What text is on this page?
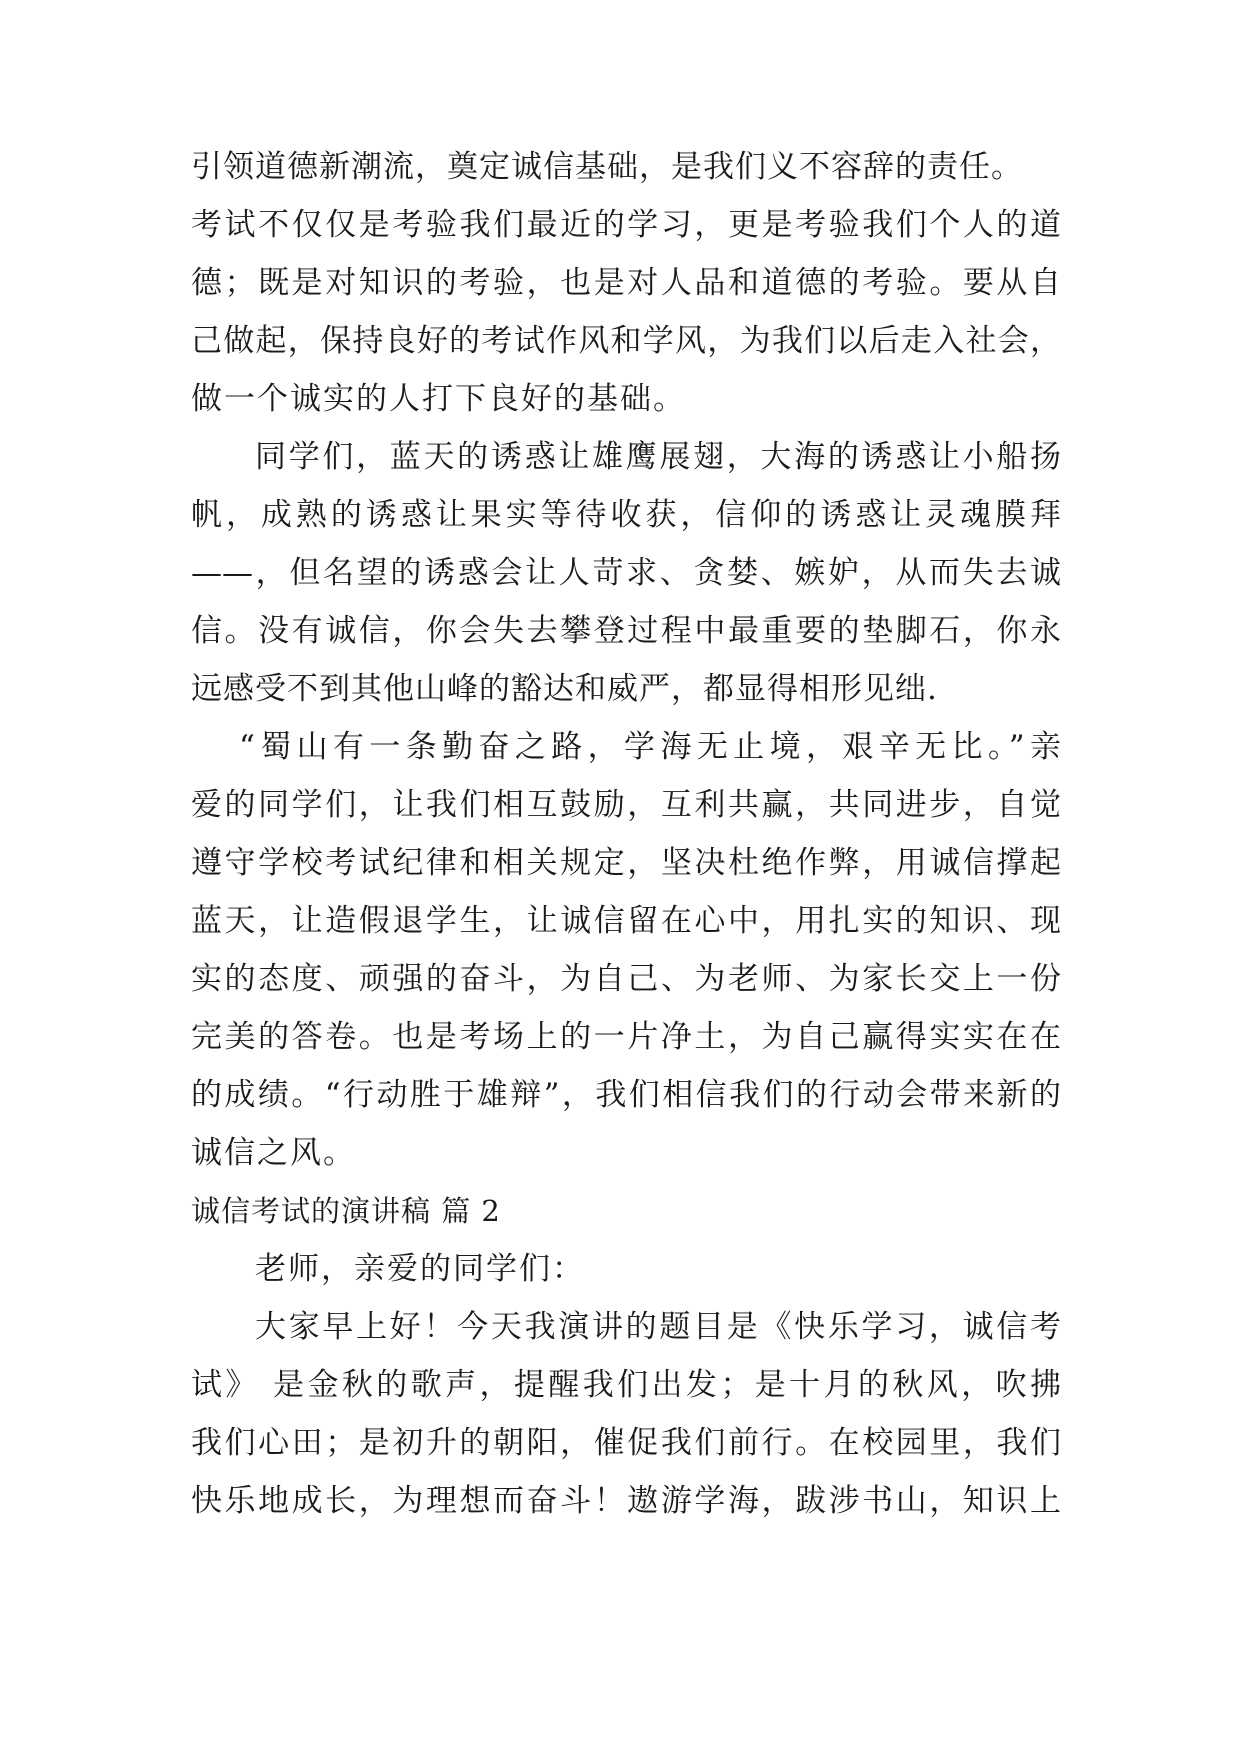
引领道德新潮流，奠定诚信基础，是我们义不容辞的责任。
考试不仅仅是考验我们最近的学习，更是考验我们个人的道
德；既是对知识的考验，也是对人品和道德的考验。要从自
己做起，保持良好的考试作风和学风，为我们以后走入社会，
做一个诚实的人打下良好的基础。
同学们，蓝天的诱惑让雄鹰展翅，大海的诱惑让小船扬
帆，成熟的诱惑让果实等待收获，信仰的诱惑让灵魂膜拜
——，但名望的诱惑会让人苛求、贪婪、嫉妒，从而失去诚
信。没有诚信，你会失去攀登过程中最重要的垫脚石，你永
远感受不到其他山峰的豁达和威严，都显得相形见绌.
“蜀山有一条勤奋之路，学海无止境，艰辛无比。”亲
爱的同学们，让我们相互鼓励，互利共赢，共同进步，自觉
遵守学校考试纪律和相关规定，坚决杜绝作弊，用诚信撑起
蓝天，让造假退学生，让诚信留在心中，用扎实的知识、现
实的态度、顽强的奋斗，为自己、为老师、为家长交上一份
完美的答卷。也是考场上的一片净土，为自己赢得实实在在
的成绩。“行动胜于雄辩”，我们相信我们的行动会带来新的
诚信之风。
诚信考试的演讲稿 篇 2
老师，亲爱的同学们：
大家早上好！今天我演讲的题目是《快乐学习，诚信考
试》 是金秋的歌声，提醒我们出发；是十月的秋风，吹拂
我们心田；是初升的朝阳，催促我们前行。在校园里，我们
快乐地成长，为理想而奋斗！遨游学海，跋涉书山，知识上
